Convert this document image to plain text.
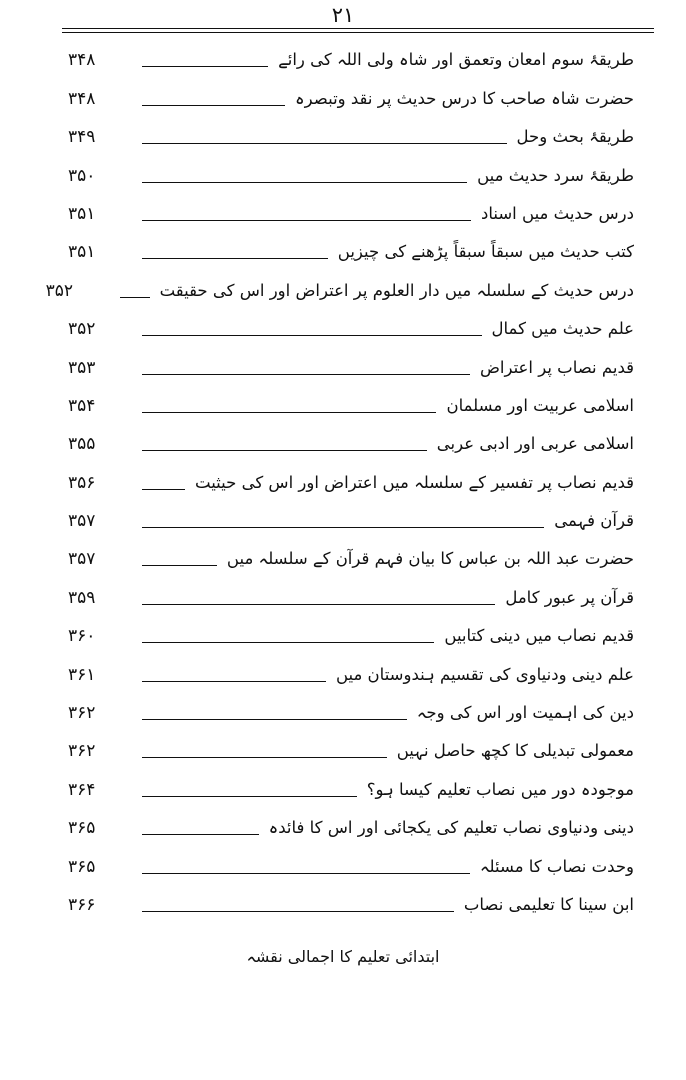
۲۱
طریقۂ سوم امعان وتعمق اور شاہ ولی اللہ کی رائے
۳۴۸
حضرت شاہ صاحب کا درس حدیث پر نقد وتبصرہ
۳۴۸
طریقۂ بحث وحل
۳۴۹
طریقۂ سرد حدیث میں
۳۵۰
درس حدیث میں اسناد
۳۵۱
کتب حدیث میں سبقاً سبقاً پڑھنے کی چیزیں
۳۵۱
درس حدیث کے سلسلہ میں دار العلوم پر اعتراض اور اس کی حقیقت
۳۵۲
علم حدیث میں کمال
۳۵۲
قدیم نصاب پر اعتراض
۳۵۳
اسلامی عربیت اور مسلمان
۳۵۴
اسلامی عربی اور ادبی عربی
۳۵۵
قدیم نصاب پر تفسیر کے سلسلہ میں اعتراض اور اس کی حیثیت
۳۵۶
قرآن فہمی
۳۵۷
حضرت عبد اللہ بن عباس کا بیان فہم قرآن کے سلسلہ میں
۳۵۷
قرآن پر عبور کامل
۳۵۹
قدیم نصاب میں دینی کتابیں
۳۶۰
علم دینی ودنیاوی کی تقسیم ہندوستان میں
۳۶۱
دین کی اہمیت اور اس کی وجہ
۳۶۲
معمولی تبدیلی کا کچھ حاصل نہیں
۳۶۲
موجودہ دور میں نصاب تعلیم کیسا ہو؟
۳۶۴
دینی ودنیاوی نصاب تعلیم کی یکجائی اور اس کا فائدہ
۳۶۵
وحدت نصاب کا مسئلہ
۳۶۵
ابن سینا کا تعلیمی نصاب
۳۶۶
ابتدائی تعلیم کا اجمالی نقشہ
